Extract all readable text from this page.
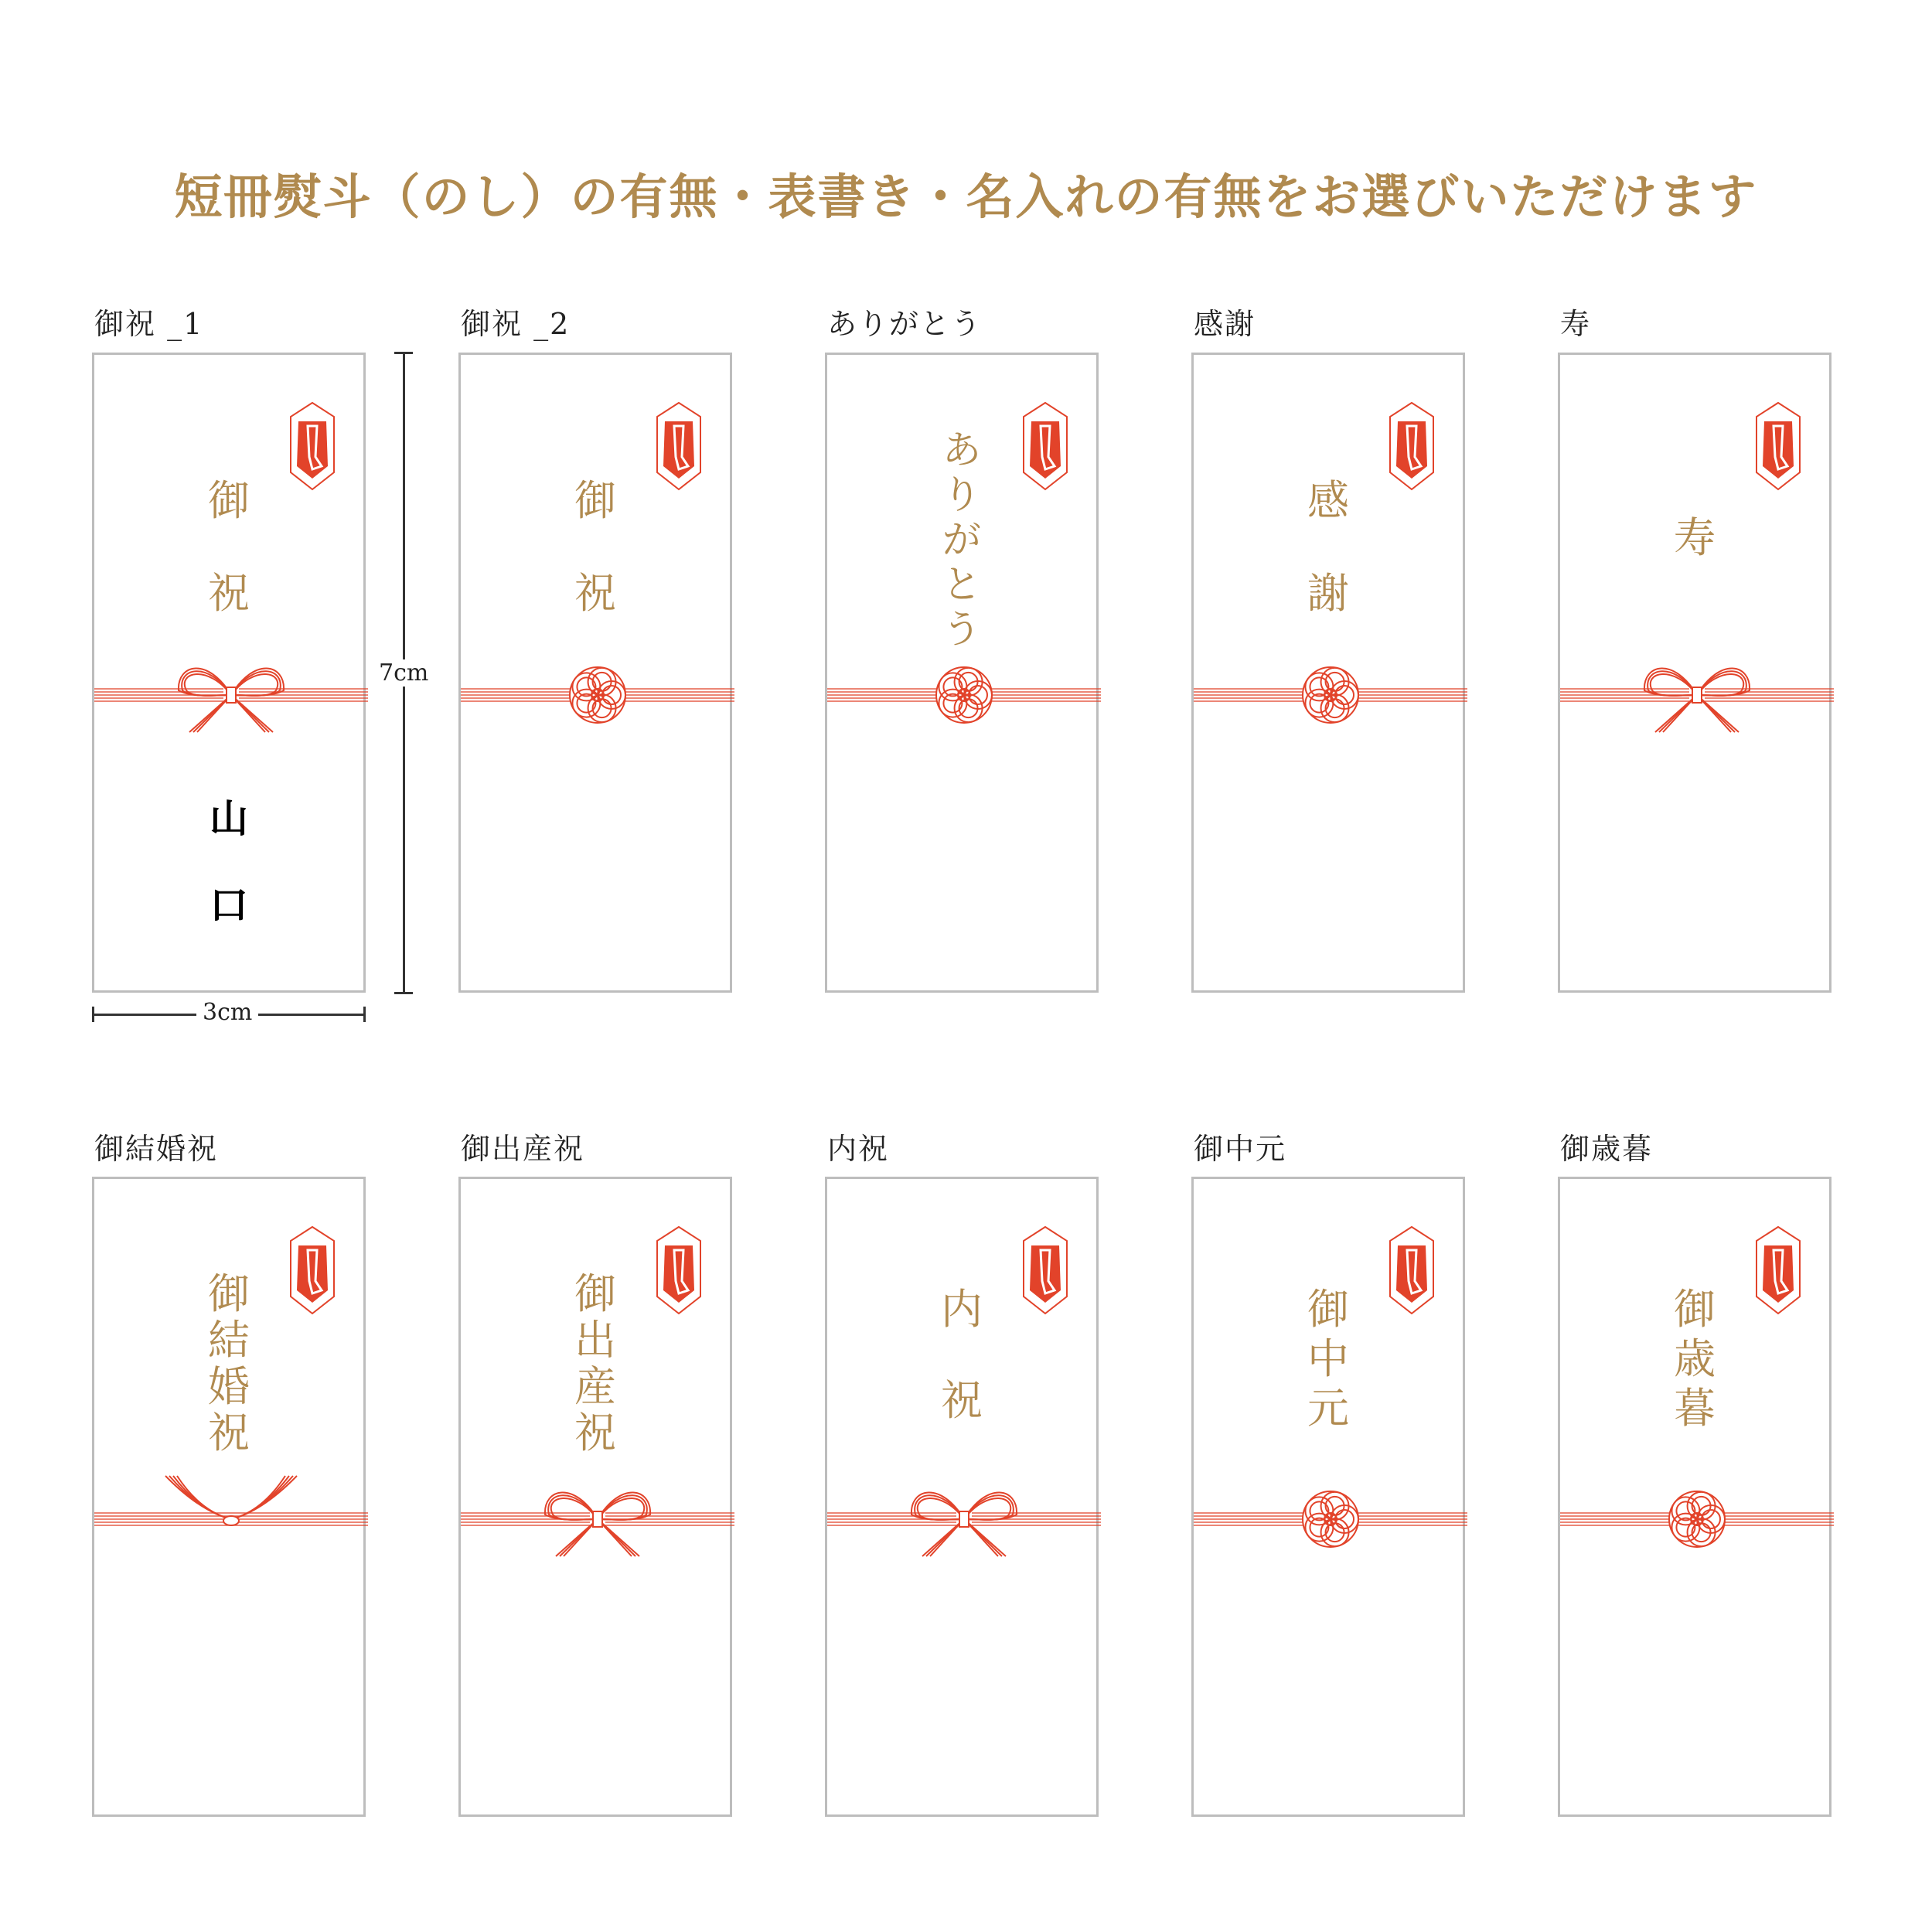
短冊熨斗（のし）の有無・表書き・名入れの有無をお選びいただけます
御祝 _1	御祝 _2	ありがとう	感謝	寿
御結婚祝	御出産祝	内祝	御中元	御歳暮
御
祝
山
口
御
祝
あ
り
が
と
う
感
謝
寿
御
結
婚
祝
御
出
産
祝
内
祝
御
中
元
御
歳
暮
7cm
3cm
